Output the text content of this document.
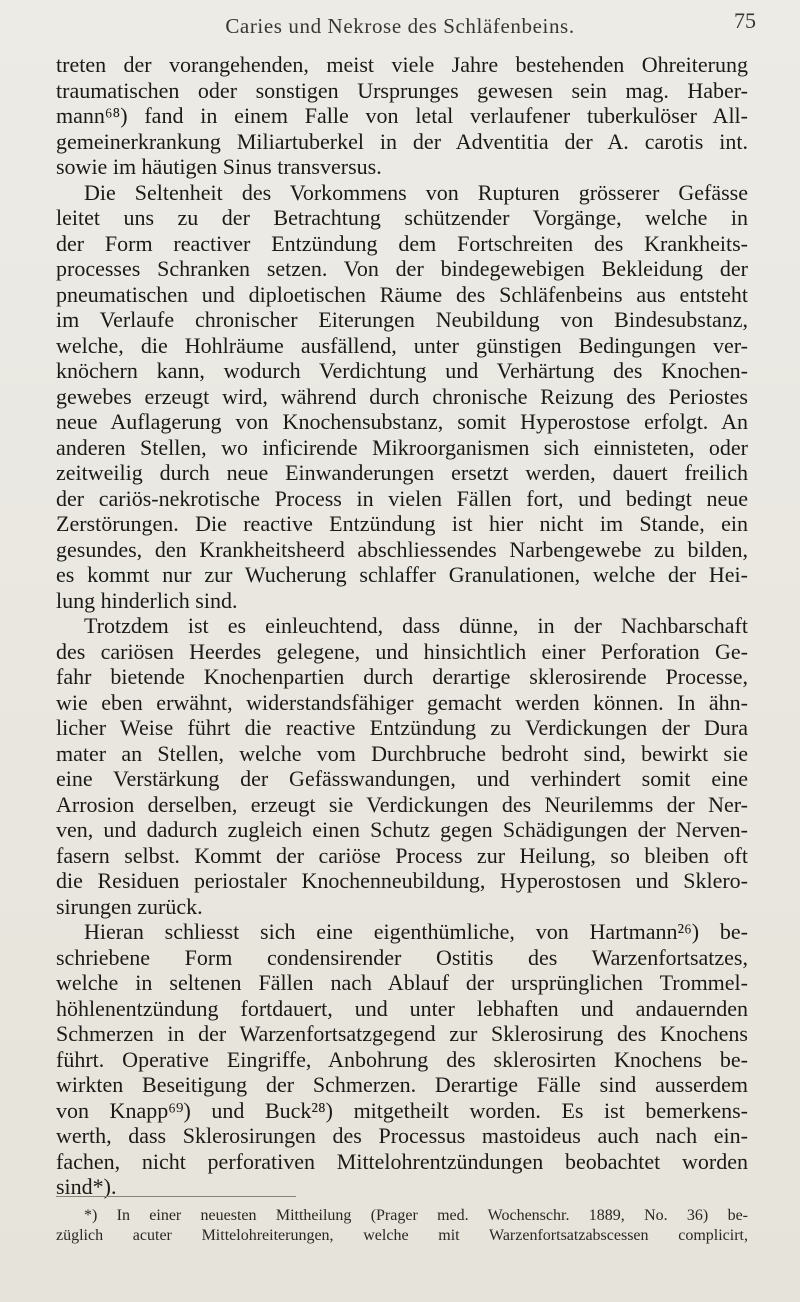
Caries und Nekrose des Schläfenbeins.	75
treten der vorangehenden, meist viele Jahre bestehenden Ohreiterung
traumatischen oder sonstigen Ursprunges gewesen sein mag. Haber-
mann⁶⁸) fand in einem Falle von letal verlaufener tuberkulöser All-
gemeinerkrankung Miliartuberkel in der Adventitia der A. carotis int.
sowie im häutigen Sinus transversus.
Die Seltenheit des Vorkommens von Rupturen grösserer Gefässe
leitet uns zu der Betrachtung schützender Vorgänge, welche in
der Form reactiver Entzündung dem Fortschreiten des Krankheits-
processes Schranken setzen. Von der bindegewebigen Bekleidung der
pneumatischen und diploetischen Räume des Schläfenbeins aus entsteht
im Verlaufe chronischer Eiterungen Neubildung von Bindesubstanz,
welche, die Hohlräume ausfällend, unter günstigen Bedingungen ver-
knöchern kann, wodurch Verdichtung und Verhärtung des Knochen-
gewebes erzeugt wird, während durch chronische Reizung des Periostes
neue Auflagerung von Knochensubstanz, somit Hyperostose erfolgt. An
anderen Stellen, wo inficirende Mikroorganismen sich einnisteten, oder
zeitweilig durch neue Einwanderungen ersetzt werden, dauert freilich
der cariös-nekrotische Process in vielen Fällen fort, und bedingt neue
Zerstörungen. Die reactive Entzündung ist hier nicht im Stande, ein
gesundes, den Krankheitsheerd abschliessendes Narbengewebe zu bilden,
es kommt nur zur Wucherung schlaffer Granulationen, welche der Hei-
lung hinderlich sind.
Trotzdem ist es einleuchtend, dass dünne, in der Nachbarschaft
des cariösen Heerdes gelegene, und hinsichtlich einer Perforation Ge-
fahr bietende Knochenpartien durch derartige sklerosirende Processe,
wie eben erwähnt, widerstandsfähiger gemacht werden können. In ähn-
licher Weise führt die reactive Entzündung zu Verdickungen der Dura
mater an Stellen, welche vom Durchbruche bedroht sind, bewirkt sie
eine Verstärkung der Gefässwandungen, und verhindert somit eine
Arrosion derselben, erzeugt sie Verdickungen des Neurilemms der Ner-
ven, und dadurch zugleich einen Schutz gegen Schädigungen der Nerven-
fasern selbst. Kommt der cariöse Process zur Heilung, so bleiben oft
die Residuen periostaler Knochenneubildung, Hyperostosen und Sklero-
sirungen zurück.
Hieran schliesst sich eine eigenthümliche, von Hartmann²⁶) be-
schriebene Form condensirender Ostitis des Warzenfortsatzes,
welche in seltenen Fällen nach Ablauf der ursprünglichen Trommel-
höhlenentzündung fortdauert, und unter lebhaften und andauernden
Schmerzen in der Warzenfortsatzgegend zur Sklerosirung des Knochens
führt. Operative Eingriffe, Anbohrung des sklerosirten Knochens be-
wirkten Beseitigung der Schmerzen. Derartige Fälle sind ausserdem
von Knapp⁶⁹) und Buck²⁸) mitgetheilt worden. Es ist bemerkens-
werth, dass Sklerosirungen des Processus mastoideus auch nach ein-
fachen, nicht perforativen Mittelohrentzündungen beobachtet worden
sind*).
*) In einer neuesten Mittheilung (Prager med. Wochenschr. 1889, No. 36) be-
züglich acuter Mittelohreiterungen, welche mit Warzenfortsatzabscessen complicirt,
